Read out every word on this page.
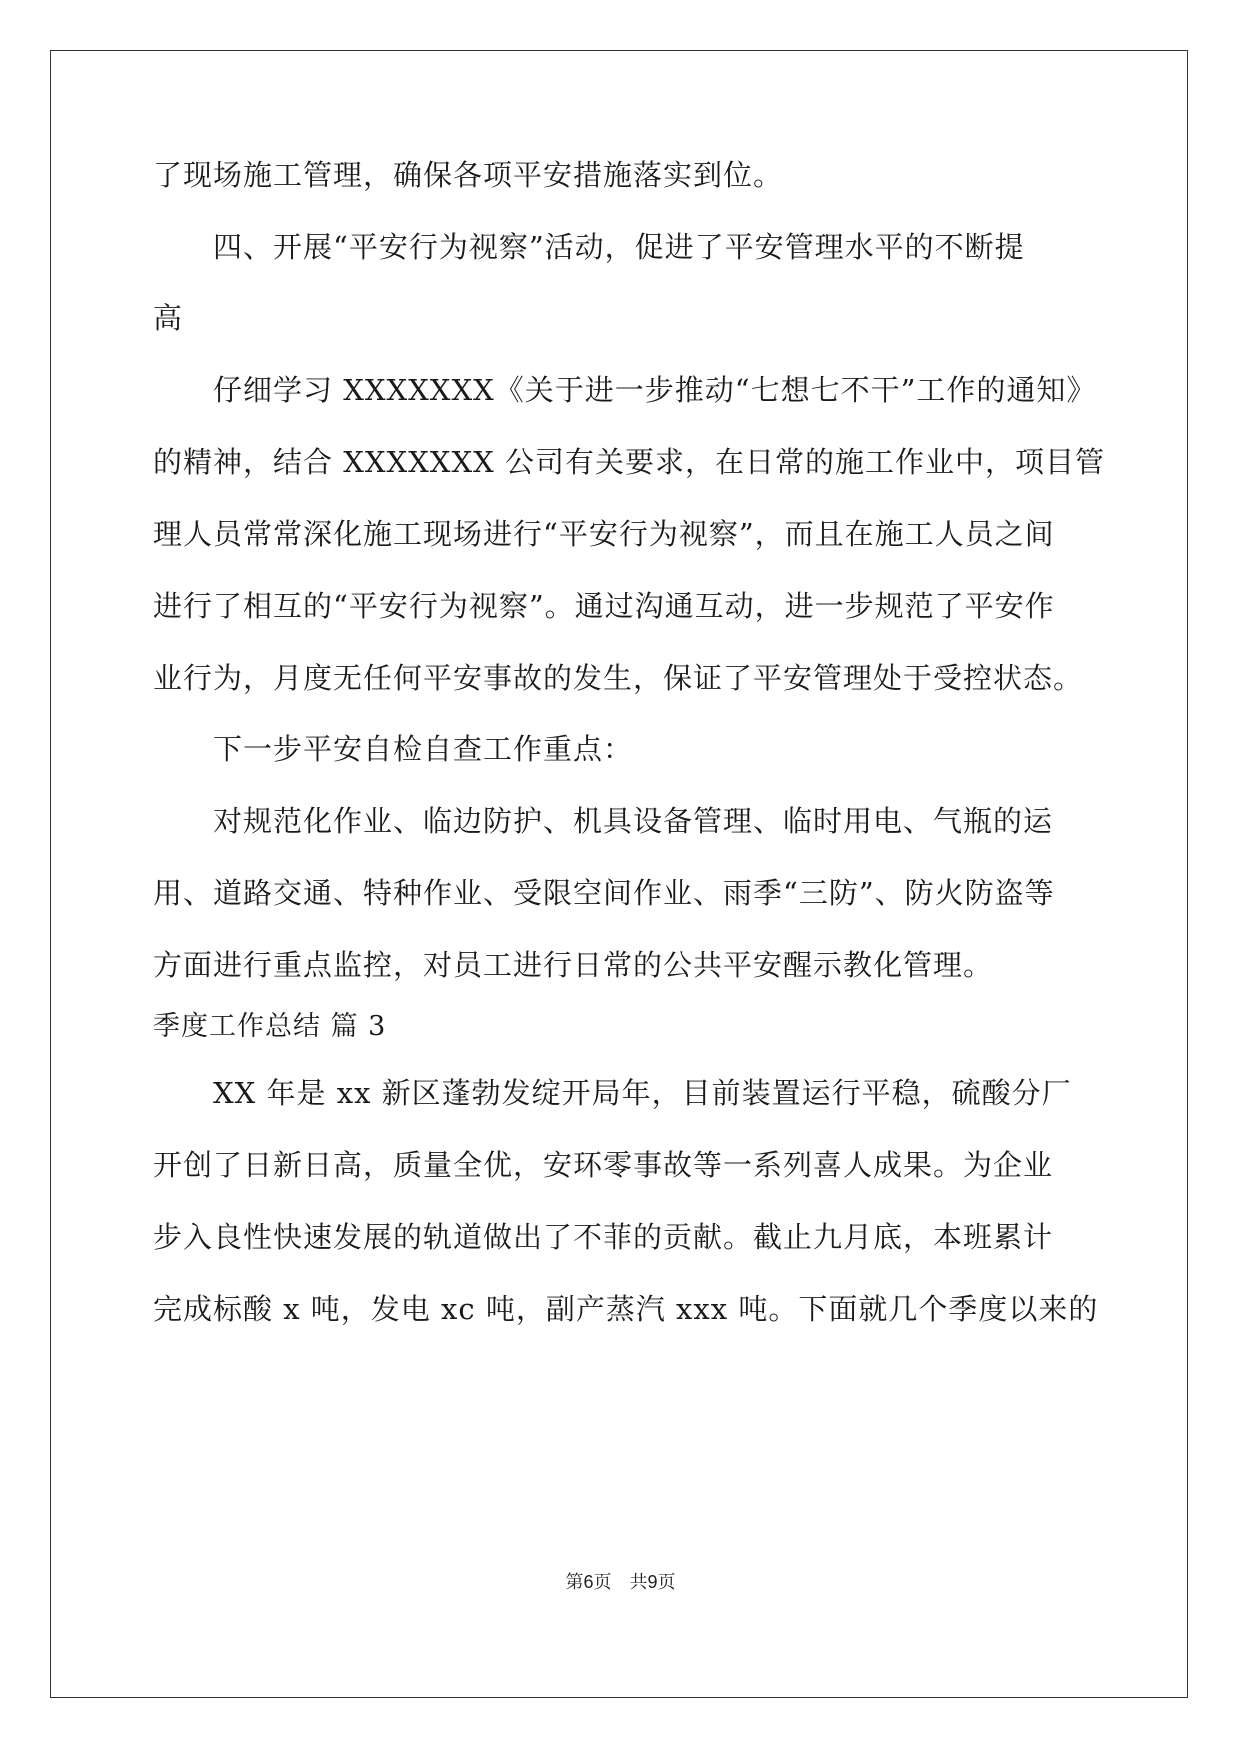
了现场施工管理，确保各项平安措施落实到位。
四、开展“平安行为视察”活动，促进了平安管理水平的不断提
高
仔细学习 XXXXXXX《关于进一步推动“七想七不干”工作的通知》
的精神，结合 XXXXXXX 公司有关要求，在日常的施工作业中，项目管
理人员常常深化施工现场进行“平安行为视察”，而且在施工人员之间
进行了相互的“平安行为视察”。通过沟通互动，进一步规范了平安作
业行为，月度无任何平安事故的发生，保证了平安管理处于受控状态。
下一步平安自检自查工作重点：
对规范化作业、临边防护、机具设备管理、临时用电、气瓶的运
用、道路交通、特种作业、受限空间作业、雨季“三防”、防火防盗等
方面进行重点监控，对员工进行日常的公共平安醒示教化管理。
季度工作总结 篇 3
XX 年是 xx 新区蓬勃发绽开局年，目前装置运行平稳，硫酸分厂
开创了日新日高，质量全优，安环零事故等一系列喜人成果。为企业
步入良性快速发展的轨道做出了不菲的贡献。截止九月底，本班累计
完成标酸 x 吨，发电 xc 吨，副产蒸汽 xxx 吨。下面就几个季度以来的
第6页　共9页
